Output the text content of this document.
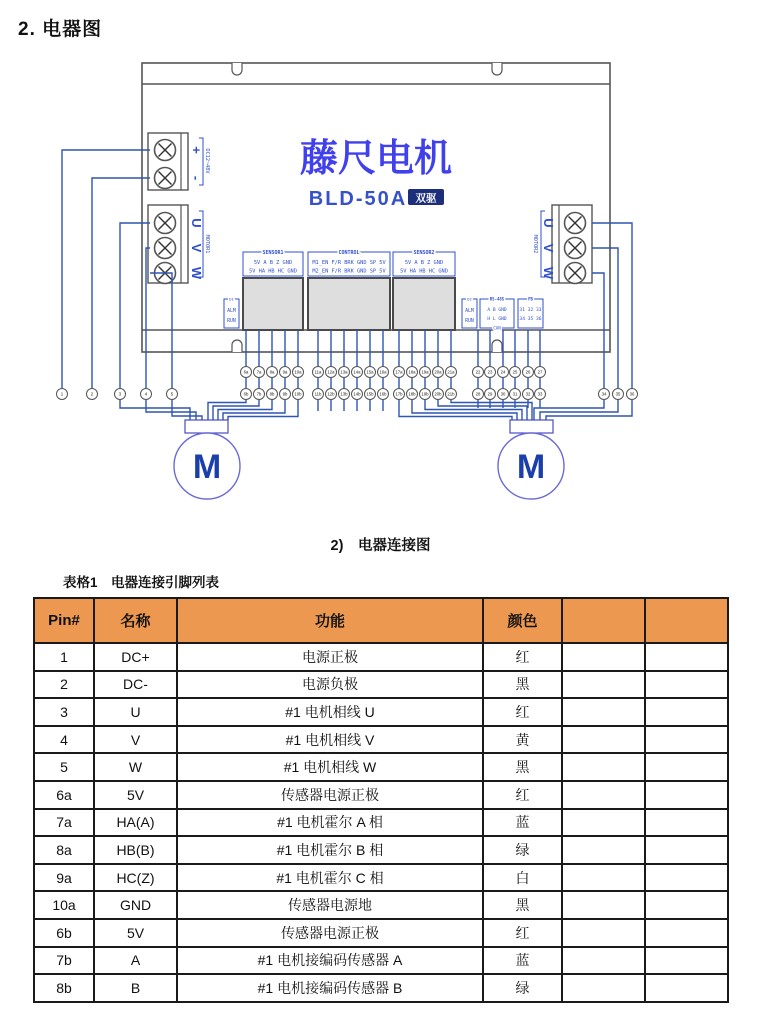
2. 电器图
藤尺电机
BLD-50A 双驱
+
-
DC12~48V
U
V
W
MOTOR1
U
V
W
MOTOR2
SENSOR1
5V A B Z GND
5V HA HB HC GND
CONTROL
M1_EN F/R BRK GND SP 5V
M2_EN F/R BRK GND SP 5V
SENSOR2
5V A B Z GND
5V HA HB HC GND
D1
ALM
RUN
D2
ALM
RUN
RS-485
A B GND
H L GND
CAN
FB
31 32 33
34 35 36
1	2	3	4	5
6a
6b
7a
7b
8a
8b
9a
9b
10a
10b
11a
11b
12a
12b
13a
13b
14a
14b
15a
15b
16a
16b
17a
17b
18a
18b
19a
19b
20a
20b
21a
21b
22
28
23
29
24
30
25
31
26
32
27
33	34 35 36
M	M
2)　电器连接图
表格1　电器连接引脚列表
Pin#	名称	功能	颜色		
1	DC+	电源正极	红		
2	DC-	电源负极	黑		
3	U	#1 电机相线 U	红		
4	V	#1 电机相线 V	黄		
5	W	#1 电机相线 W	黑		
6a	5V	传感器电源正极	红		
7a	HA(A)	#1 电机霍尔 A 相	蓝		
8a	HB(B)	#1 电机霍尔 B 相	绿		
9a	HC(Z)	#1 电机霍尔 C 相	白		
10a	GND	传感器电源地	黑		
6b	5V	传感器电源正极	红		
7b	A	#1 电机接编码传感器 A	蓝		
8b	B	#1 电机接编码传感器 B	绿		
